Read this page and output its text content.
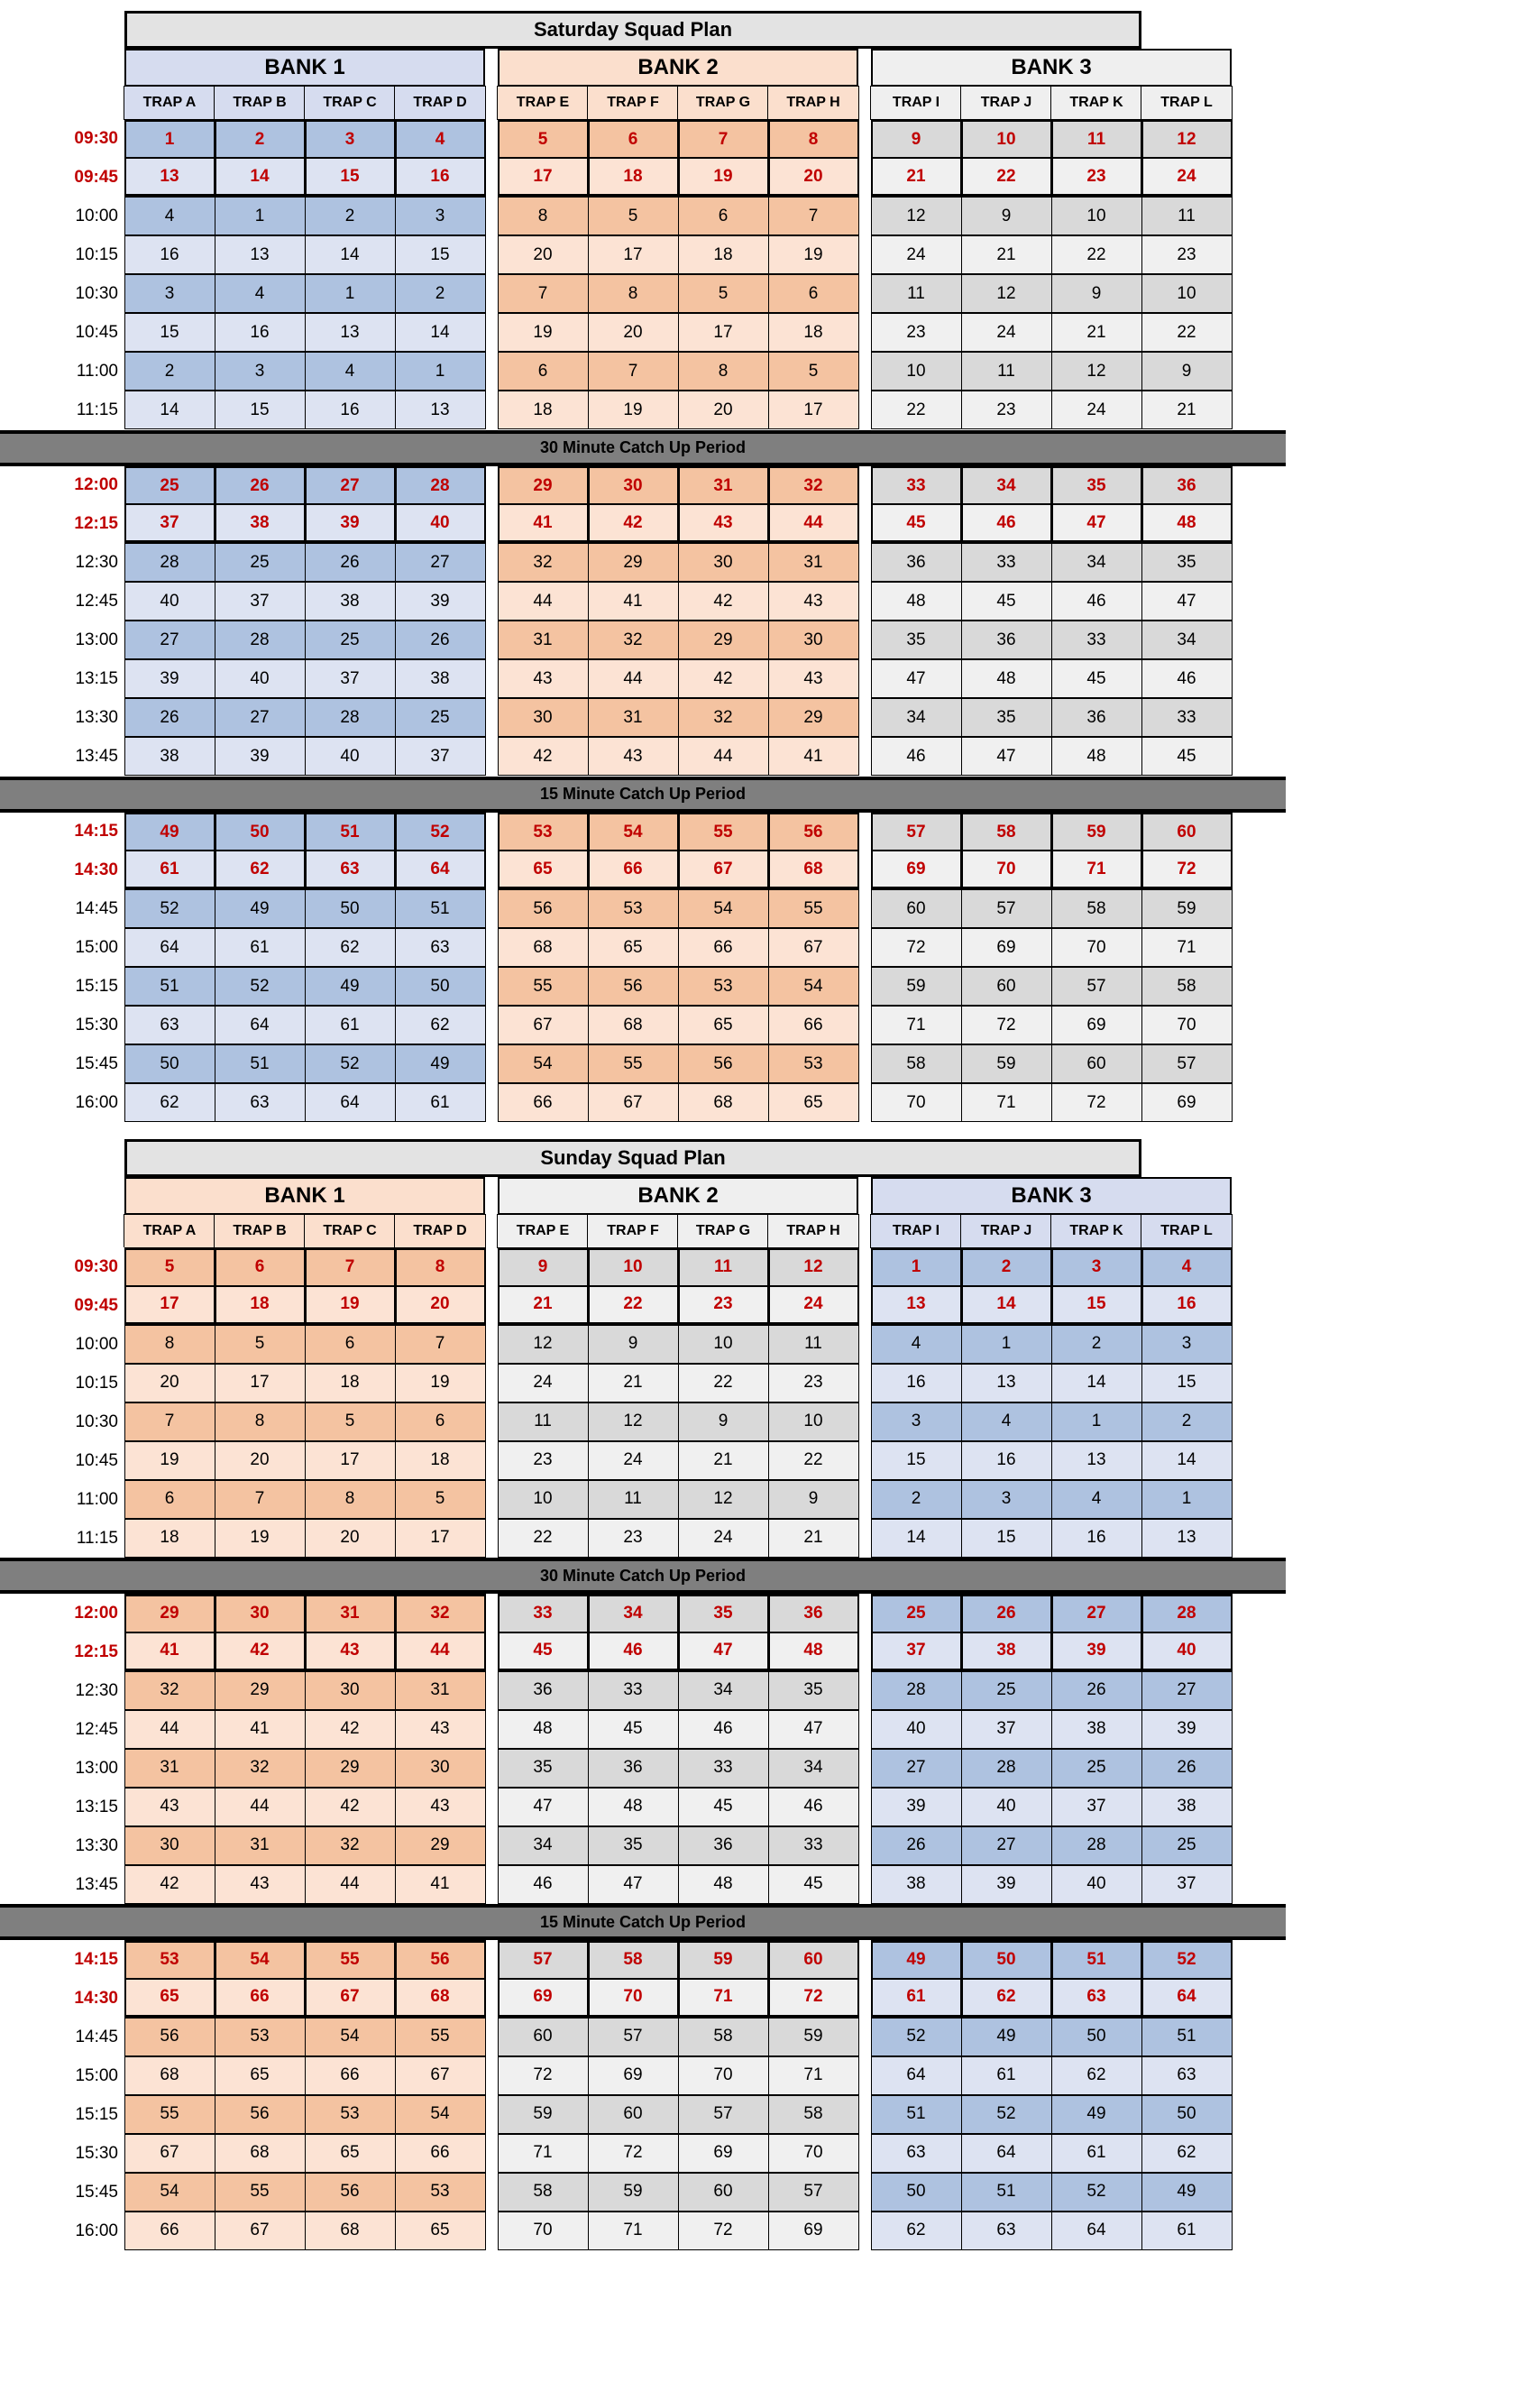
Saturday Squad Plan
BANK 1	BANK 2	BANK 3
TRAP A	TRAP B	TRAP C	TRAP D	TRAP E	TRAP F	TRAP G	TRAP H	TRAP I	TRAP J	TRAP K	TRAP L
09:30	1	2	3	4	5	6	7	8	9	10	11	12
09:45	13	14	15	16	17	18	19	20	21	22	23	24
10:00	4	1	2	3	8	5	6	7	12	9	10	11
10:15	16	13	14	15	20	17	18	19	24	21	22	23
10:30	3	4	1	2	7	8	5	6	11	12	9	10
10:45	15	16	13	14	19	20	17	18	23	24	21	22
11:00	2	3	4	1	6	7	8	5	10	11	12	9
11:15	14	15	16	13	18	19	20	17	22	23	24	21
30 Minute Catch Up Period
12:00	25	26	27	28	29	30	31	32	33	34	35	36
12:15	37	38	39	40	41	42	43	44	45	46	47	48
12:30	28	25	26	27	32	29	30	31	36	33	34	35
12:45	40	37	38	39	44	41	42	43	48	45	46	47
13:00	27	28	25	26	31	32	29	30	35	36	33	34
13:15	39	40	37	38	43	44	42	43	47	48	45	46
13:30	26	27	28	25	30	31	32	29	34	35	36	33
13:45	38	39	40	37	42	43	44	41	46	47	48	45
15 Minute Catch Up Period
14:15	49	50	51	52	53	54	55	56	57	58	59	60
14:30	61	62	63	64	65	66	67	68	69	70	71	72
14:45	52	49	50	51	56	53	54	55	60	57	58	59
15:00	64	61	62	63	68	65	66	67	72	69	70	71
15:15	51	52	49	50	55	56	53	54	59	60	57	58
15:30	63	64	61	62	67	68	65	66	71	72	69	70
15:45	50	51	52	49	54	55	56	53	58	59	60	57
16:00	62	63	64	61	66	67	68	65	70	71	72	69
Sunday Squad Plan
BANK 1	BANK 2	BANK 3
TRAP A	TRAP B	TRAP C	TRAP D	TRAP E	TRAP F	TRAP G	TRAP H	TRAP I	TRAP J	TRAP K	TRAP L
09:30	5	6	7	8	9	10	11	12	1	2	3	4
09:45	17	18	19	20	21	22	23	24	13	14	15	16
10:00	8	5	6	7	12	9	10	11	4	1	2	3
10:15	20	17	18	19	24	21	22	23	16	13	14	15
10:30	7	8	5	6	11	12	9	10	3	4	1	2
10:45	19	20	17	18	23	24	21	22	15	16	13	14
11:00	6	7	8	5	10	11	12	9	2	3	4	1
11:15	18	19	20	17	22	23	24	21	14	15	16	13
30 Minute Catch Up Period
12:00	29	30	31	32	33	34	35	36	25	26	27	28
12:15	41	42	43	44	45	46	47	48	37	38	39	40
12:30	32	29	30	31	36	33	34	35	28	25	26	27
12:45	44	41	42	43	48	45	46	47	40	37	38	39
13:00	31	32	29	30	35	36	33	34	27	28	25	26
13:15	43	44	42	43	47	48	45	46	39	40	37	38
13:30	30	31	32	29	34	35	36	33	26	27	28	25
13:45	42	43	44	41	46	47	48	45	38	39	40	37
15 Minute Catch Up Period
14:15	53	54	55	56	57	58	59	60	49	50	51	52
14:30	65	66	67	68	69	70	71	72	61	62	63	64
14:45	56	53	54	55	60	57	58	59	52	49	50	51
15:00	68	65	66	67	72	69	70	71	64	61	62	63
15:15	55	56	53	54	59	60	57	58	51	52	49	50
15:30	67	68	65	66	71	72	69	70	63	64	61	62
15:45	54	55	56	53	58	59	60	57	50	51	52	49
16:00	66	67	68	65	70	71	72	69	62	63	64	61
